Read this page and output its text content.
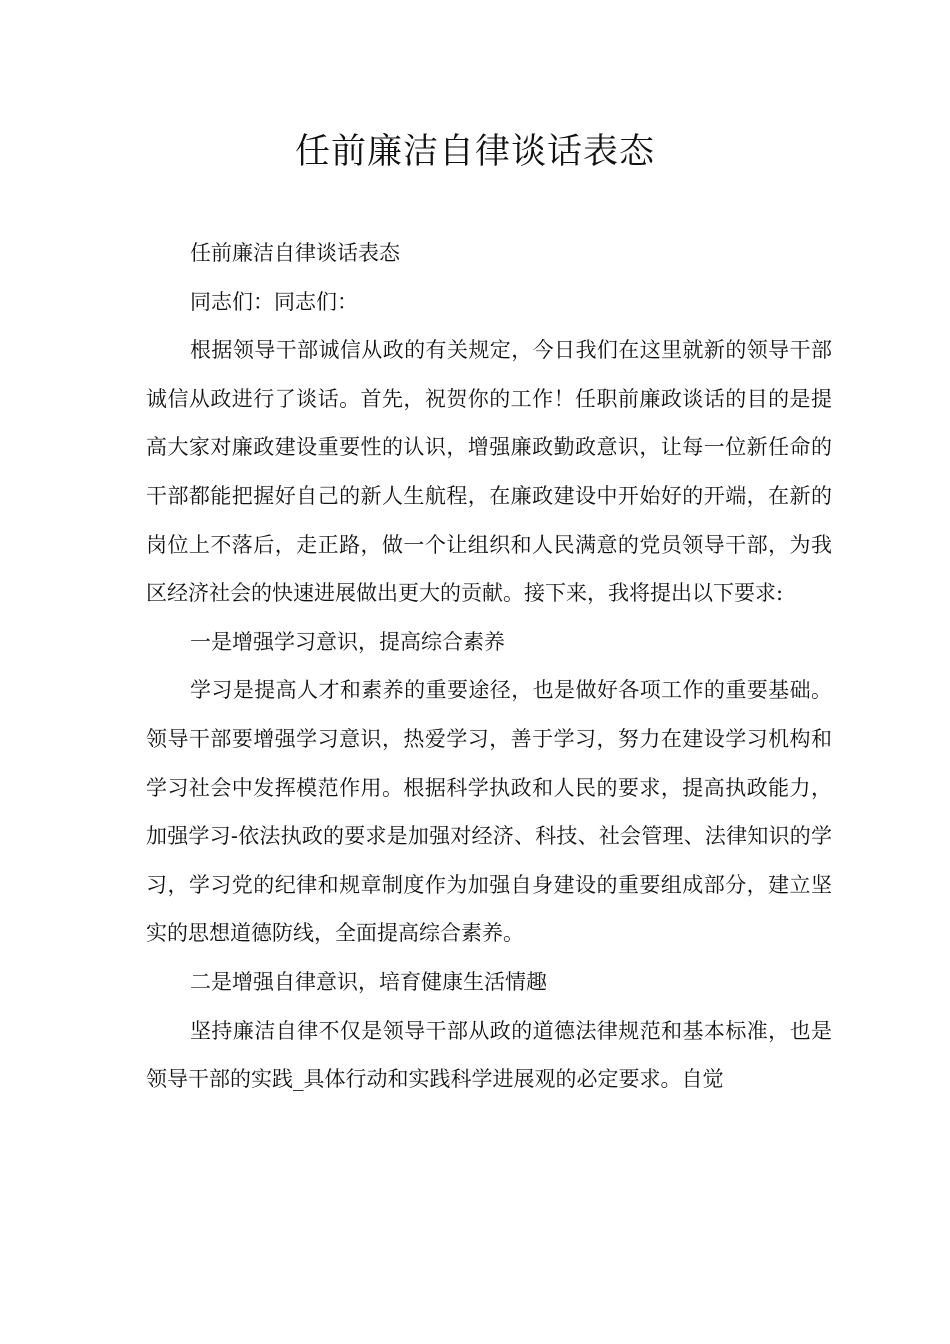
任前廉洁自律谈话表态

任前廉洁自律谈话表态

同志们：同志们：

根据领导干部诚信从政的有关规定，今日我们在这里就新的领导干部诚信从政进行了谈话。首先，祝贺你的工作！任职前廉政谈话的目的是提高大家对廉政建设重要性的认识，增强廉政勤政意识，让每一位新任命的干部都能把握好自己的新人生航程，在廉政建设中开始好的开端，在新的岗位上不落后，走正路，做一个让组织和人民满意的党员领导干部，为我区经济社会的快速进展做出更大的贡献。接下来，我将提出以下要求:

一是增强学习意识，提高综合素养

学习是提高人才和素养的重要途径，也是做好各项工作的重要基础。领导干部要增强学习意识，热爱学习，善于学习，努力在建设学习机构和学习社会中发挥模范作用。根据科学执政和人民的要求，提高执政能力，加强学习-依法执政的要求是加强对经济、科技、社会管理、法律知识的学习，学习党的纪律和规章制度作为加强自身建设的重要组成部分，建立坚实的思想道德防线，全面提高综合素养。

二是增强自律意识，培育健康生活情趣

坚持廉洁自律不仅是领导干部从政的道德法律规范和基本标准，也是领导干部的实践_具体行动和实践科学进展观的必定要求。自觉
